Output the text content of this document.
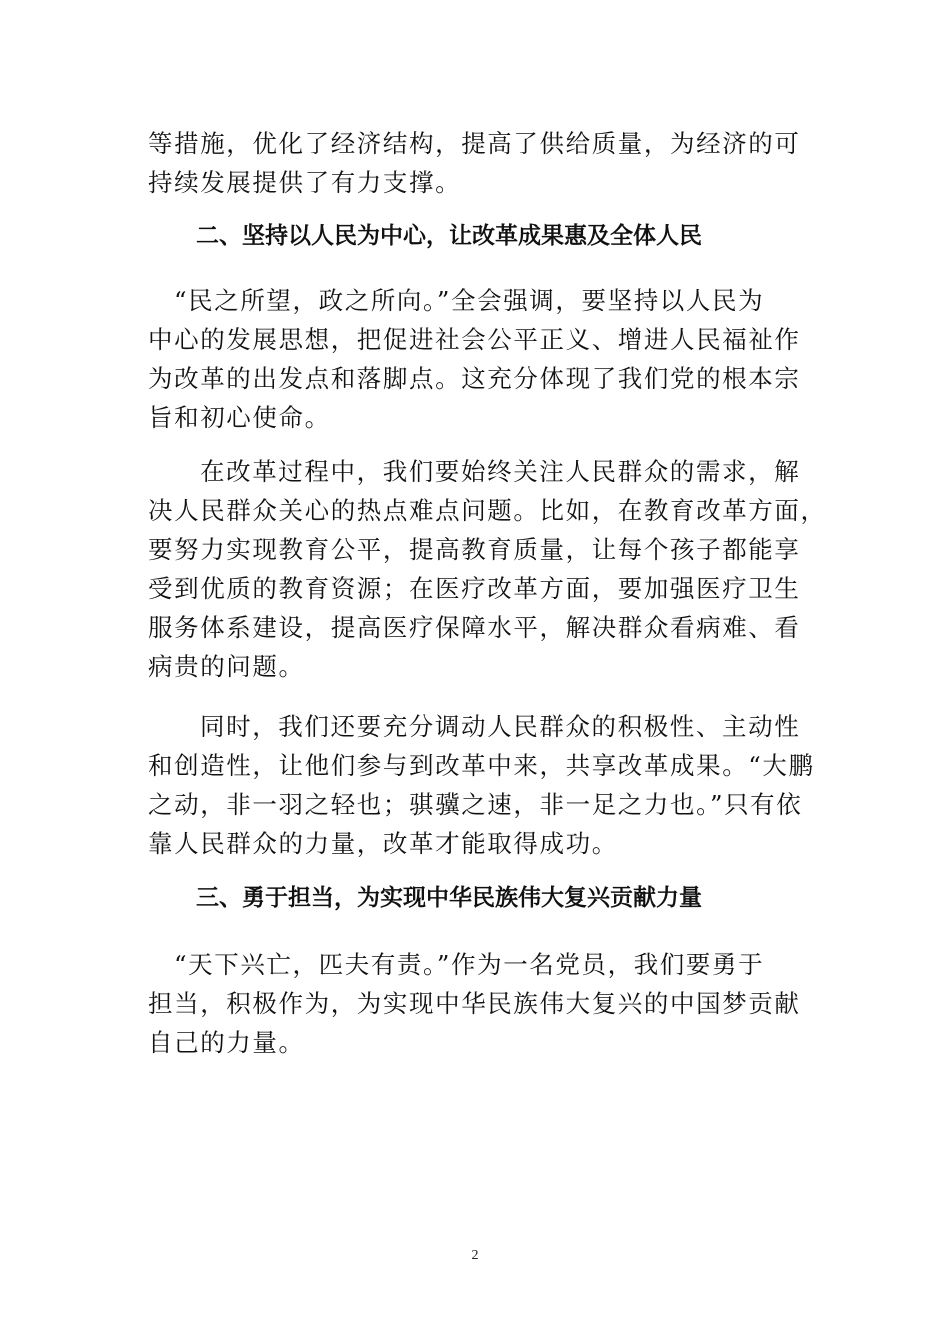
等措施，优化了经济结构，提高了供给质量，为经济的可
持续发展提供了有力支撑。

二、坚持以人民为中心，让改革成果惠及全体人民

“民之所望，政之所向。”全会强调，要坚持以人民为
中心的发展思想，把促进社会公平正义、增进人民福祉作
为改革的出发点和落脚点。这充分体现了我们党的根本宗
旨和初心使命。

在改革过程中，我们要始终关注人民群众的需求，解
决人民群众关心的热点难点问题。比如，在教育改革方面，
要努力实现教育公平，提高教育质量，让每个孩子都能享
受到优质的教育资源；在医疗改革方面，要加强医疗卫生
服务体系建设，提高医疗保障水平，解决群众看病难、看
病贵的问题。

同时，我们还要充分调动人民群众的积极性、主动性
和创造性，让他们参与到改革中来，共享改革成果。“大鹏
之动，非一羽之轻也；骐骥之速，非一足之力也。”只有依
靠人民群众的力量，改革才能取得成功。

三、勇于担当，为实现中华民族伟大复兴贡献力量

“天下兴亡，匹夫有责。”作为一名党员，我们要勇于
担当，积极作为，为实现中华民族伟大复兴的中国梦贡献
自己的力量。

2
